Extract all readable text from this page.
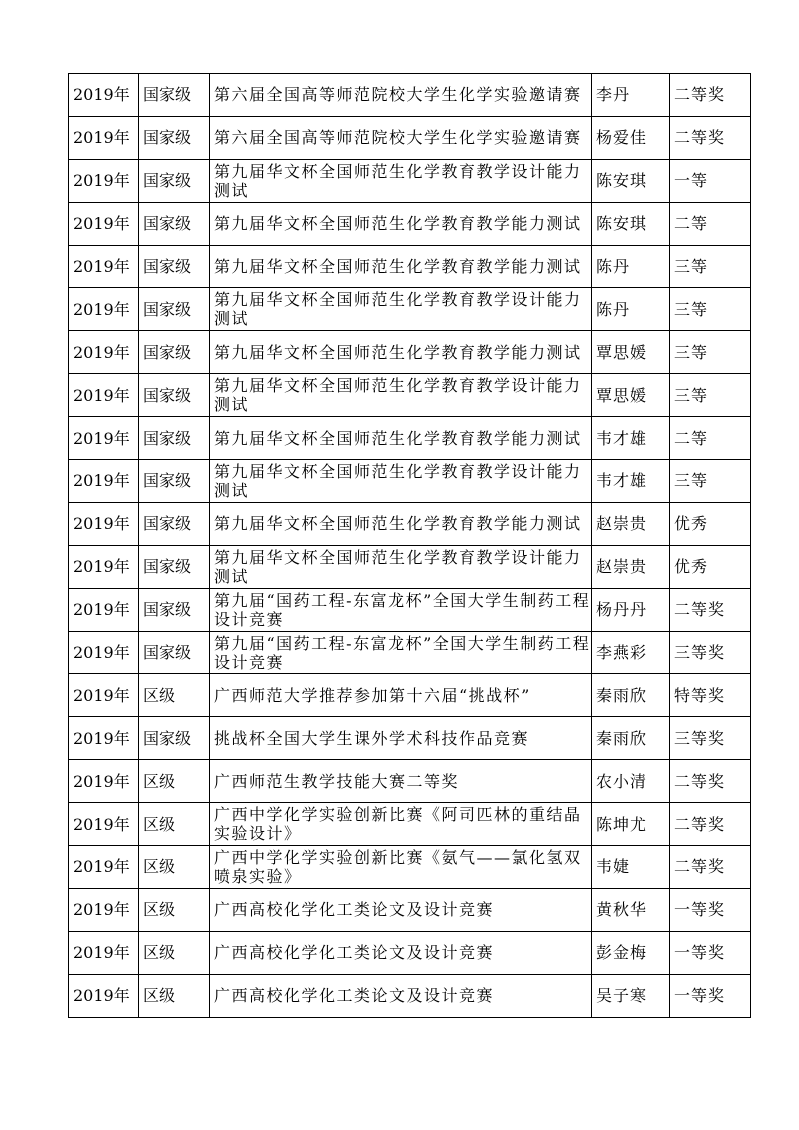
2019年	国家级	第六届全国高等师范院校大学生化学实验邀请赛	李丹	二等奖
2019年	国家级	第六届全国高等师范院校大学生化学实验邀请赛	杨爱佳	二等奖
2019年	国家级	第九届华文杯全国师范生化学教育教学设计能力测试	陈安琪	一等
2019年	国家级	第九届华文杯全国师范生化学教育教学能力测试	陈安琪	二等
2019年	国家级	第九届华文杯全国师范生化学教育教学能力测试	陈丹	三等
2019年	国家级	第九届华文杯全国师范生化学教育教学设计能力测试	陈丹	三等
2019年	国家级	第九届华文杯全国师范生化学教育教学能力测试	覃思媛	三等
2019年	国家级	第九届华文杯全国师范生化学教育教学设计能力测试	覃思媛	三等
2019年	国家级	第九届华文杯全国师范生化学教育教学能力测试	韦才雄	二等
2019年	国家级	第九届华文杯全国师范生化学教育教学设计能力测试	韦才雄	三等
2019年	国家级	第九届华文杯全国师范生化学教育教学能力测试	赵崇贵	优秀
2019年	国家级	第九届华文杯全国师范生化学教育教学设计能力测试	赵崇贵	优秀
2019年	国家级	第九届“国药工程-东富龙杯”全国大学生制药工程设计竞赛	杨丹丹	二等奖
2019年	国家级	第九届“国药工程-东富龙杯”全国大学生制药工程设计竞赛	李燕彩	三等奖
2019年	区级	广西师范大学推荐参加第十六届“挑战杯”	秦雨欣	特等奖
2019年	国家级	挑战杯全国大学生课外学术科技作品竞赛	秦雨欣	三等奖
2019年	区级	广西师范生教学技能大赛二等奖	农小清	二等奖
2019年	区级	广西中学化学实验创新比赛《阿司匹林的重结晶实验设计》	陈坤尤	二等奖
2019年	区级	广西中学化学实验创新比赛《氨气——氯化氢双喷泉实验》	韦婕	二等奖
2019年	区级	广西高校化学化工类论文及设计竞赛	黄秋华	一等奖
2019年	区级	广西高校化学化工类论文及设计竞赛	彭金梅	一等奖
2019年	区级	广西高校化学化工类论文及设计竞赛	吴子寒	一等奖
